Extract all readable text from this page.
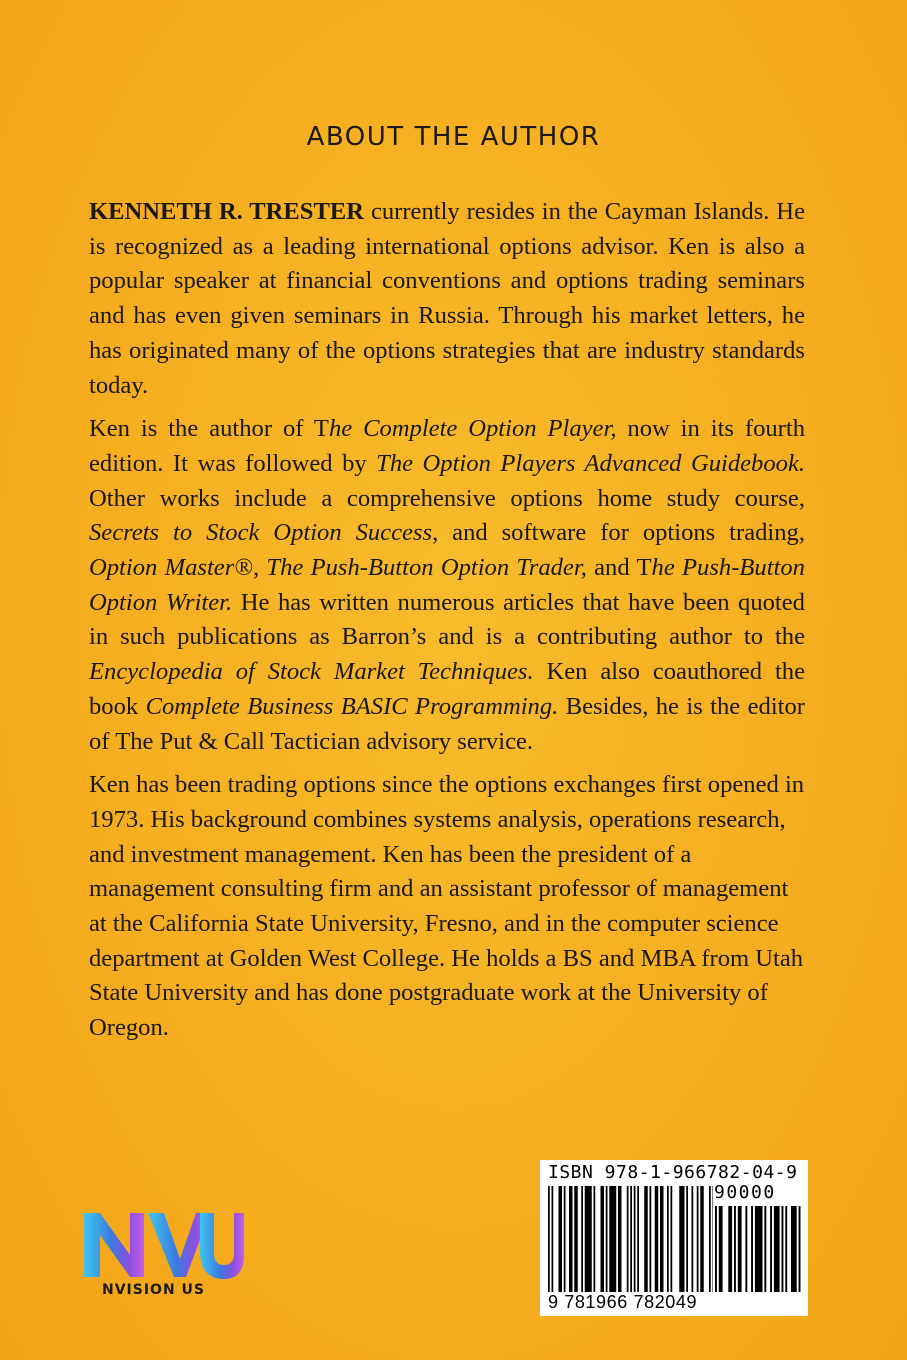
ABOUT THE AUTHOR

KENNETH R. TRESTER currently resides in the Cayman Islands. He is recognized as a leading international options advisor. Ken is also a popular speaker at financial conventions and options trading seminars and has even given seminars in Russia. Through his market letters, he has originated many of the options strategies that are industry standards today.

Ken is the author of The Complete Option Player, now in its fourth edition. It was followed by The Option Players Advanced Guidebook. Other works include a comprehensive options home study course, Secrets to Stock Option Success, and software for options trading, Option Master®, The Push-Button Option Trader, and The Push-Button Option Writer. He has written numerous articles that have been quoted in such publications as Barron’s and is a contributing author to the Encyclopedia of Stock Market Techniques. Ken also coauthored the book Complete Business BASIC Programming. Besides, he is the editor of The Put & Call Tactician advisory service.

Ken has been trading options since the options exchanges first opened in 1973. His background combines systems analysis, operations research, and investment management. Ken has been the president of a management consulting firm and an assistant professor of management at the California State University, Fresno, and in the computer science department at Golden West College. He holds a BS and MBA from Utah State University and has done postgraduate work at the University of Oregon.

NVISION US
ISBN 978-1-966782-04-9
90000
9 781966 782049
